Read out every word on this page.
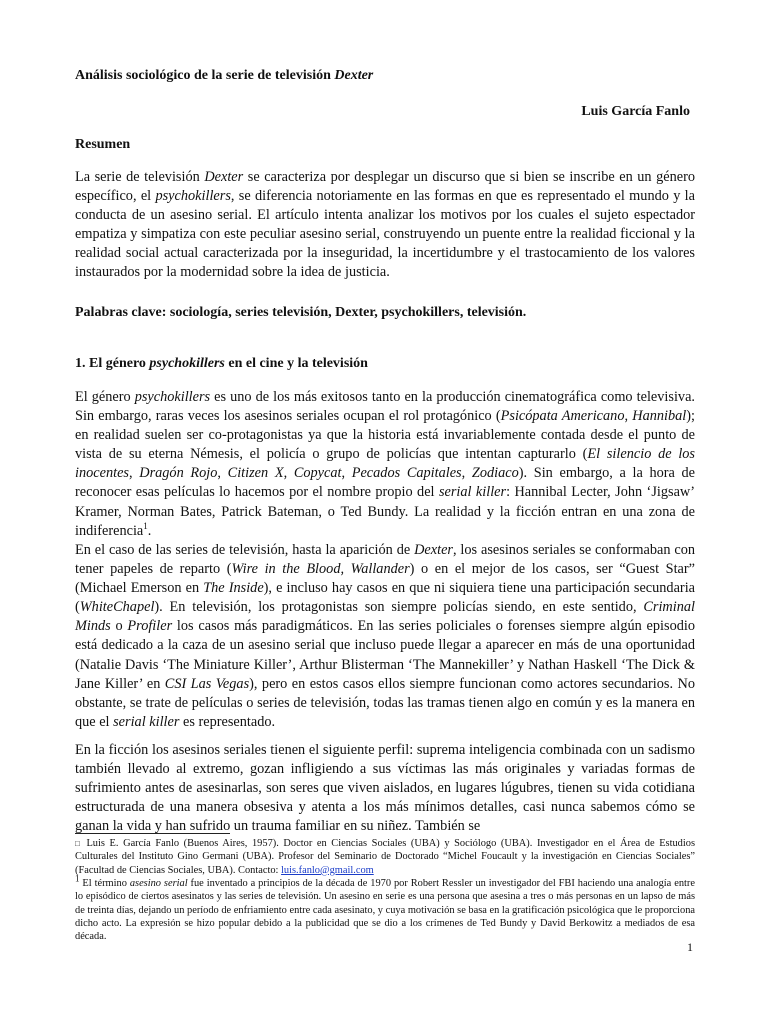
Análisis sociológico de la serie de televisión Dexter
Luis García Fanlo
Resumen

La serie de televisión Dexter se caracteriza por desplegar un discurso que si bien se inscribe en un género específico, el psychokillers, se diferencia notoriamente en las formas en que es representado el mundo y la conducta de un asesino serial. El artículo intenta analizar los motivos por los cuales el sujeto espectador empatiza y simpatiza con este peculiar asesino serial, construyendo un puente entre la realidad ficcional y la realidad social actual caracterizada por la inseguridad, la incertidumbre y el trastocamiento de los valores instaurados por la modernidad sobre la idea de justicia.

Palabras clave: sociología, series televisión, Dexter, psychokillers, televisión.
1. El género psychokillers en el cine y la televisión

El género psychokillers es uno de los más exitosos tanto en la producción cinematográfica como televisiva. Sin embargo, raras veces los asesinos seriales ocupan el rol protagónico (Psicópata Americano, Hannibal); en realidad suelen ser co-protagonistas ya que la historia está invariablemente contada desde el punto de vista de su eterna Némesis, el policía o grupo de policías que intentan capturarlo (El silencio de los inocentes, Dragón Rojo, Citizen X, Copycat, Pecados Capitales, Zodiaco). Sin embargo, a la hora de reconocer esas películas lo hacemos por el nombre propio del serial killer: Hannibal Lecter, John ‘Jigsaw’ Kramer, Norman Bates, Patrick Bateman, o Ted Bundy. La realidad y la ficción entran en una zona de indiferencia$^1$.

En el caso de las series de televisión, hasta la aparición de Dexter, los asesinos seriales se conformaban con tener papeles de reparto (Wire in the Blood, Wallander) o en el mejor de los casos, ser “Guest Star” (Michael Emerson en The Inside), e incluso hay casos en que ni siquiera tiene una participación secundaria (WhiteChapel). En televisión, los protagonistas son siempre policías siendo, en este sentido, Criminal Minds o Profiler los casos más paradigmáticos. En las series policiales o forenses siempre algún episodio está dedicado a la caza de un asesino serial que incluso puede llegar a aparecer en más de una oportunidad (Natalie Davis ‘The Miniature Killer’, Arthur Blisterman ‘The Mannekiller’ y Nathan Haskell ‘The Dick & Jane Killer’ en CSI Las Vegas), pero en estos casos ellos siempre funcionan como actores secundarios. No obstante, se trate de películas o series de televisión, todas las tramas tienen algo en común y es la manera en que el serial killer es representado.

En la ficción los asesinos seriales tienen el siguiente perfil: suprema inteligencia combinada con un sadismo también llevado al extremo, gozan infligiendo a sus víctimas las más originales y variadas formas de sufrimiento antes de asesinarlas, son seres que viven aislados, en lugares lúgubres, tienen su vida cotidiana estructurada de una manera obsesiva y atenta a los más mínimos detalles, casi nunca sabemos cómo se ganan la vida y han sufrido un trauma familiar en su niñez. También se

□ Luis E. García Fanlo (Buenos Aires, 1957). Doctor en Ciencias Sociales (UBA) y Sociólogo (UBA). Investigador en el Área de Estudios Culturales del Instituto Gino Germani (UBA). Profesor del Seminario de Doctorado “Michel Foucault y la investigación en Ciencias Sociales” (Facultad de Ciencias Sociales, UBA). Contacto: luis.fanlo@gmail.com

$^1$ El término asesino serial fue inventado a principios de la década de 1970 por Robert Ressler un investigador del FBI haciendo una analogía entre lo episódico de ciertos asesinatos y las series de televisión. Un asesino en serie es una persona que asesina a tres o más personas en un lapso de más de treinta días, dejando un período de enfriamiento entre cada asesinato, y cuya motivación se basa en la gratificación psicológica que le proporciona dicho acto. La expresión se hizo popular debido a la publicidad que se dio a los crímenes de Ted Bundy y David Berkowitz a mediados de esa década.

1
